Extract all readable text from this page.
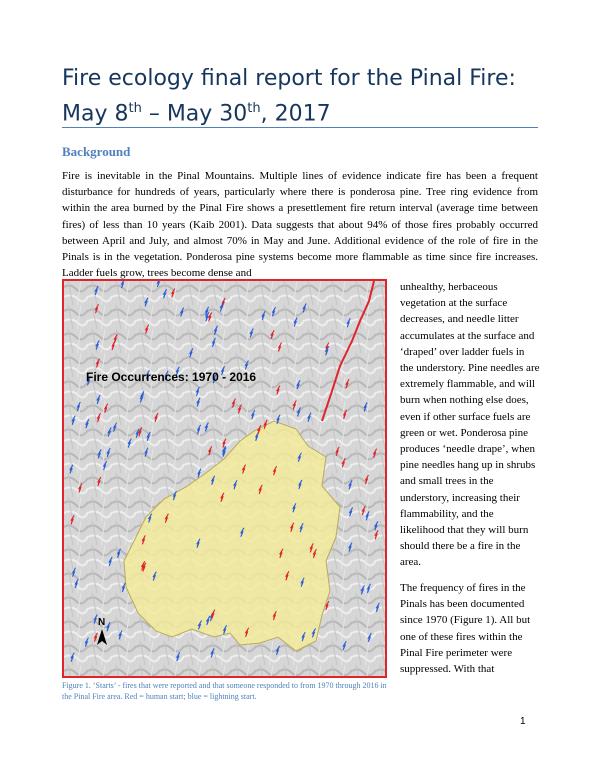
Fire ecology final report for the Pinal Fire: May 8th – May 30th, 2017
Background

Fire is inevitable in the Pinal Mountains. Multiple lines of evidence indicate fire has been a frequent disturbance for hundreds of years, particularly where there is ponderosa pine. Tree ring evidence from within the area burned by the Pinal Fire shows a presettlement fire return interval (average time between fires) of less than 10 years (Kaib 2001). Data suggests that about 94% of those fires probably occurred between April and July, and almost 70% in May and June. Additional evidence of the role of fire in the Pinals is in the vegetation. Ponderosa pine systems become more flammable as time since fire increases. Ladder fuels grow, trees become dense and

Fire Occurrences: 1970 - 2016
N

Figure 1. ‘Starts’ - fires that were reported and that someone responded to from 1970 through 2016 in the Pinal Fire area. Red = human start; blue = lightning start.

unhealthy, herbaceous vegetation at the surface decreases, and needle litter accumulates at the surface and ‘draped’ over ladder fuels in the understory. Pine needles are extremely flammable, and will burn when nothing else does, even if other surface fuels are green or wet. Ponderosa pine produces ‘needle drape’, when pine needles hang up in shrubs and small trees in the understory, increasing their flammability, and the likelihood that they will burn should there be a fire in the area.

The frequency of fires in the Pinals has been documented since 1970 (Figure 1). All but one of these fires within the Pinal Fire perimeter were suppressed. With that

1
